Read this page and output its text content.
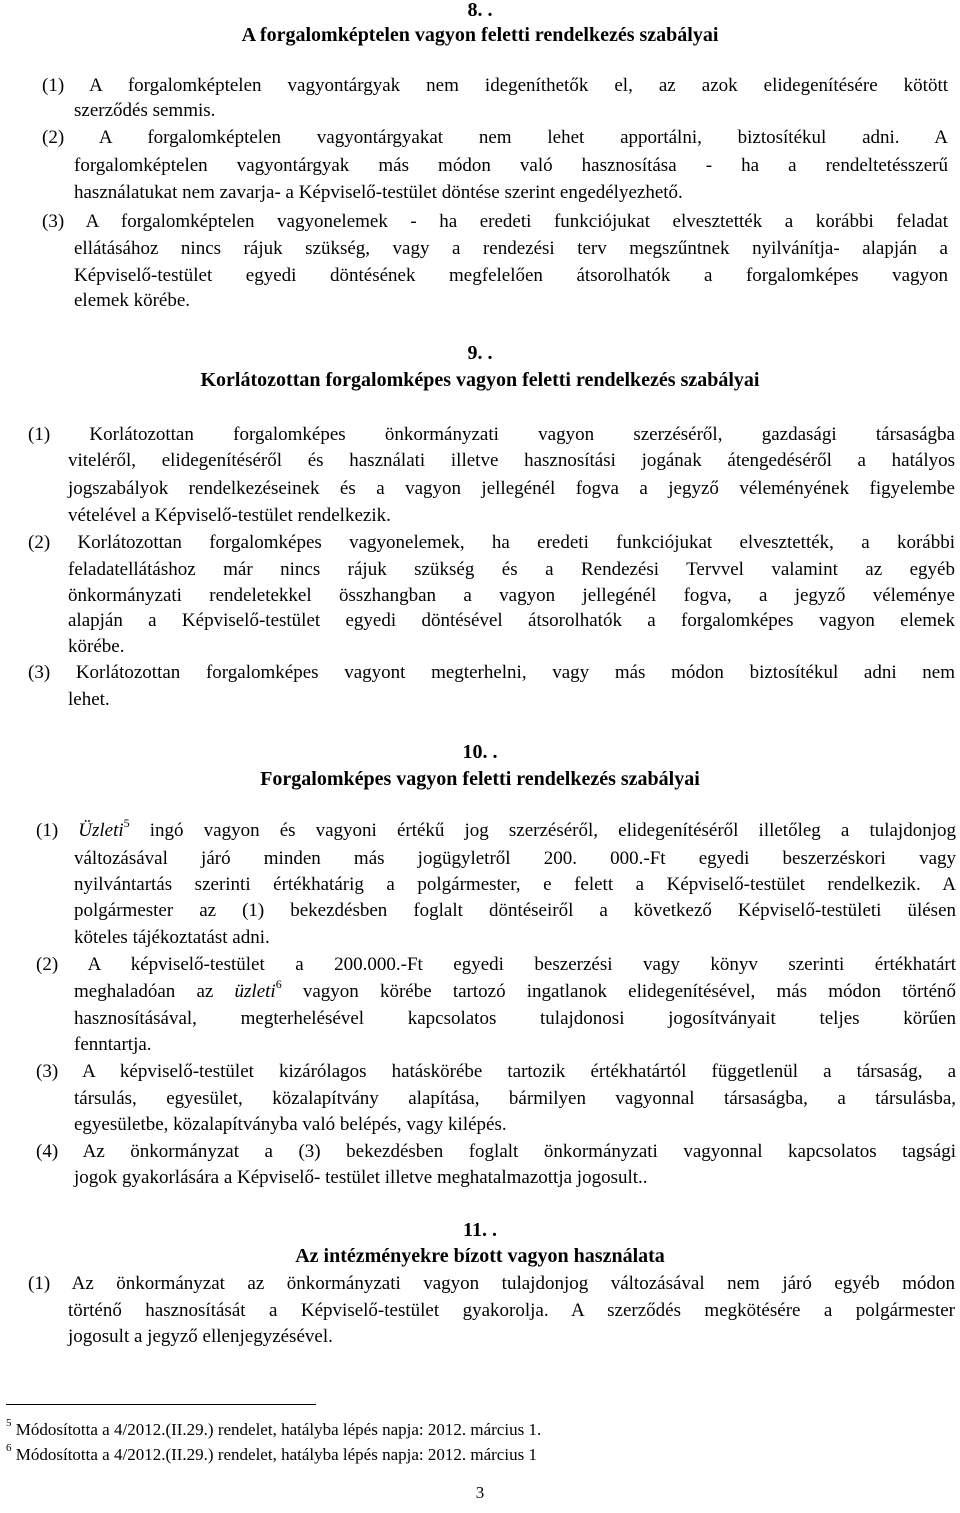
8. .
A forgalomképtelen vagyon feletti rendelkezés szabályai
(1) A forgalomképtelen vagyontárgyak nem idegeníthetők el, az azok elidegenítésére kötött
szerződés semmis.
(2) A forgalomképtelen vagyontárgyakat nem lehet apportálni, biztosítékul adni. A
forgalomképtelen vagyontárgyak más módon való hasznosítása - ha a rendeltetésszerű
használatukat nem zavarja- a Képviselő-testület döntése szerint engedélyezhető.
(3) A forgalomképtelen vagyonelemek - ha eredeti funkciójukat elvesztették a korábbi feladat
ellátásához nincs rájuk szükség, vagy a rendezési terv megszűntnek nyilvánítja- alapján a
Képviselő-testület egyedi döntésének megfelelően átsorolhatók a forgalomképes vagyon
elemek körébe.
9. .
Korlátozottan forgalomképes vagyon feletti rendelkezés szabályai
(1) Korlátozottan forgalomképes önkormányzati vagyon szerzéséről, gazdasági társaságba
viteléről, elidegenítéséről és használati illetve hasznosítási jogának átengedéséről a hatályos
jogszabályok rendelkezéseinek és a vagyon jellegénél fogva a jegyző véleményének figyelembe
vételével a Képviselő-testület rendelkezik.
(2) Korlátozottan forgalomképes vagyonelemek, ha eredeti funkciójukat elvesztették, a korábbi
feladatellátáshoz már nincs rájuk szükség és a Rendezési Tervvel valamint az egyéb
önkormányzati rendeletekkel összhangban a vagyon jellegénél fogva, a jegyző véleménye
alapján a Képviselő-testület egyedi döntésével átsorolhatók a forgalomképes vagyon elemek
körébe.
(3) Korlátozottan forgalomképes vagyont megterhelni, vagy más módon biztosítékul adni nem
lehet.
10. .
Forgalomképes vagyon feletti rendelkezés szabályai
(1) Üzleti$^5$ ingó vagyon és vagyoni értékű jog szerzéséről, elidegenítéséről illetőleg a tulajdonjog
változásával járó minden más jogügyletről 200. 000.-Ft egyedi beszerzéskori vagy
nyilvántartás szerinti értékhatárig a polgármester, e felett a Képviselő-testület rendelkezik. A
polgármester az (1) bekezdésben foglalt döntéseiről a következő Képviselő-testületi ülésen
köteles tájékoztatást adni.
(2) A képviselő-testület a 200.000.-Ft egyedi beszerzési vagy könyv szerinti értékhatárt
meghaladóan az üzleti$^6$ vagyon körébe tartozó ingatlanok elidegenítésével, más módon történő
hasznosításával, megterhelésével kapcsolatos tulajdonosi jogosítványait teljes körűen
fenntartja.
(3) A képviselő-testület kizárólagos hatáskörébe tartozik értékhatártól függetlenül a társaság, a
társulás, egyesület, közalapítvány alapítása, bármilyen vagyonnal társaságba, a társulásba,
egyesületbe, közalapítványba való belépés, vagy kilépés.
(4) Az önkormányzat a (3) bekezdésben foglalt önkormányzati vagyonnal kapcsolatos tagsági
jogok gyakorlására a Képviselő- testület illetve meghatalmazottja jogosult..
11. .
Az intézményekre bízott vagyon használata
(1) Az önkormányzat az önkormányzati vagyon tulajdonjog változásával nem járó egyéb módon
történő hasznosítását a Képviselő-testület gyakorolja. A szerződés megkötésére a polgármester
jogosult a jegyző ellenjegyzésével.
$^5$ Módosította a 4/2012.(II.29.) rendelet, hatályba lépés napja: 2012. március 1.
$^6$ Módosította a 4/2012.(II.29.) rendelet, hatályba lépés napja: 2012. március 1
3
